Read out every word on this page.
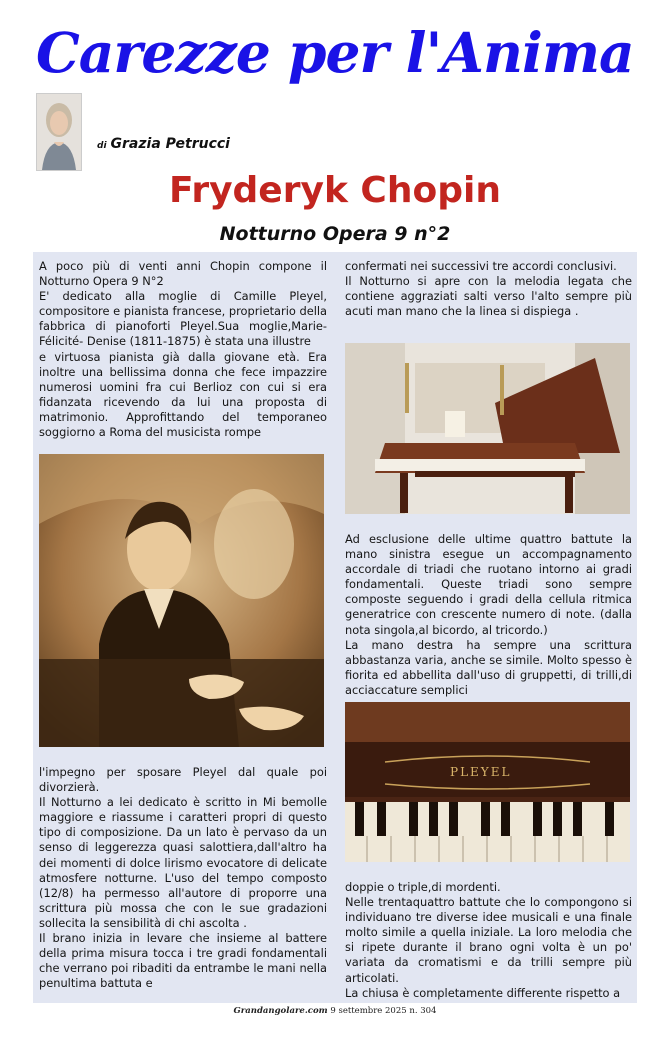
Carezze per l'Anima
di Grazia Petrucci
Fryderyk Chopin
Notturno Opera 9 n°2

A poco più di venti anni Chopin compone il Notturno Opera 9 N°2

E' dedicato alla moglie di Camille Pleyel, compositore e pianista francese, proprietario della fabbrica di pianoforti Pleyel.Sua moglie,Marie- Félicité- Denise (1811-1875) è stata una illustre

e virtuosa pianista già dalla giovane età. Era inoltre una bellissima donna che fece impazzire numerosi uomini fra cui Berlioz con cui si era fidanzata ricevendo da lui una proposta di matrimonio. Approfittando del temporaneo soggiorno a Roma del musicista rompe

l'impegno per sposare Pleyel dal quale poi divorzierà.

Il Notturno a lei dedicato è scritto in Mi bemolle maggiore e riassume i caratteri propri di questo tipo di composizione. Da un lato è pervaso da un senso di leggerezza quasi salottiera,dall'altro ha dei momenti di dolce lirismo evocatore di delicate atmosfere notturne. L'uso del tempo composto (12/8) ha permesso all'autore di proporre una scrittura più mossa che con le sue gradazioni sollecita la sensibilità di chi ascolta .

Il brano inizia in levare che insieme al battere della prima misura tocca i tre gradi fondamentali che verrano poi ribaditi da entrambe le mani nella penultima battuta e

confermati nei successivi tre accordi conclusivi.

Il Notturno si apre con la melodia legata che contiene aggraziati salti verso l'alto sempre più acuti man mano che la linea si dispiega .

Ad esclusione delle ultime quattro battute la mano sinistra esegue un accompagnamento accordale di triadi che ruotano intorno ai gradi fondamentali. Queste triadi sono sempre composte seguendo i gradi della cellula ritmica generatrice con crescente numero di note. (dalla nota singola,al bicordo, al tricordo.)

La mano destra ha sempre una scrittura abbastanza varia, anche se simile. Molto spesso è fiorita ed abbellita dall'uso di gruppetti, di trilli,di acciaccature semplici

PLEYEL

doppie o triple,di mordenti.

Nelle trentaquattro battute che lo compongono si individuano tre diverse idee musicali e una finale molto simile a quella iniziale. La loro melodia che si ripete durante il brano ogni volta è un po' variata da cromatismi e da trilli sempre più articolati.

La chiusa è completamente differente rispetto a

Grandangolare.com 9 settembre 2025 n. 304
